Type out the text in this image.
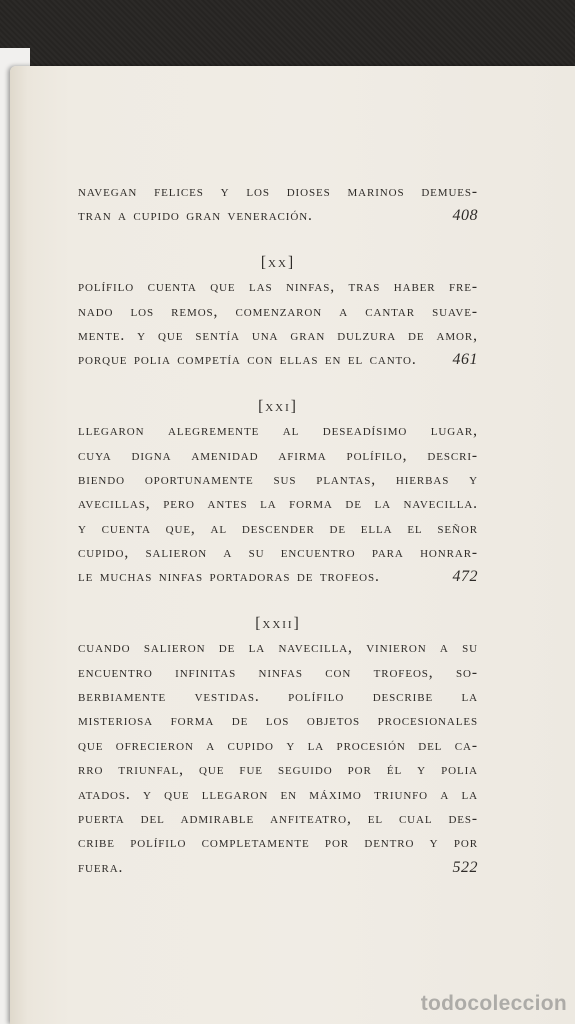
navegan felices y los dioses marinos demues-
tran a cupido gran veneración.	408
[xx]
polífilo cuenta que las ninfas, tras haber fre-
nado los remos, comenzaron a cantar suave-
mente. y que sentía una gran dulzura de amor,
porque polia competía con ellas en el canto. 461
[xxi]
llegaron alegremente al deseadísimo lugar,
cuya digna amenidad afirma polífilo, descri-
biendo oportunamente sus plantas, hierbas y
avecillas, pero antes la forma de la navecilla.
y cuenta que, al descender de ella el señor
cupido, salieron a su encuentro para honrar-
le muchas ninfas portadoras de trofeos.	472
[xxii]
cuando salieron de la navecilla, vinieron a su
encuentro infinitas ninfas con trofeos, so-
berbiamente vestidas. polífilo describe la
misteriosa forma de los objetos procesionales
que ofrecieron a cupido y la procesión del ca-
rro triunfal, que fue seguido por él y polia
atados. y que llegaron en máximo triunfo a la
puerta del admirable anfiteatro, el cual des-
cribe polífilo completamente por dentro y por
fuera.	522
todocoleccion
